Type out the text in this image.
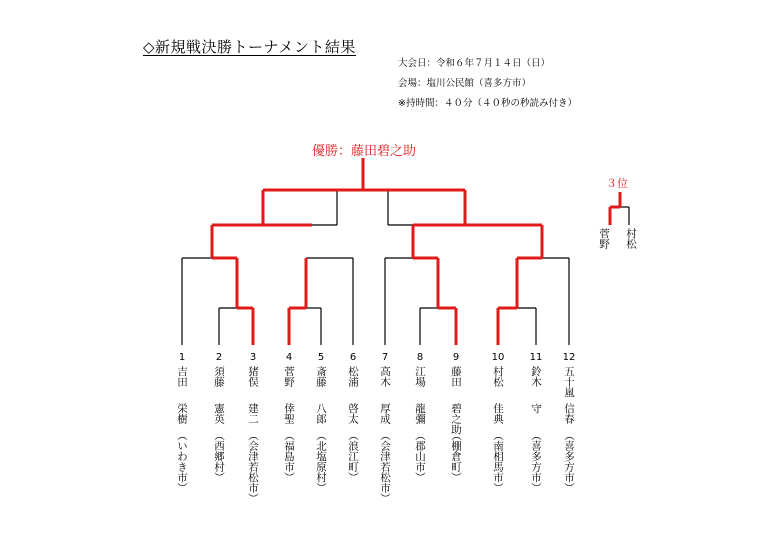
◇新規戦決勝トーナメント結果
大会日：令和６年７月１４日（日）
会場：塩川公民館（喜多方市）
※持時間：４０分（４０秒の秒読み付き）
優勝：藤田碧之助
３位
菅野 村松
1
吉田
栄樹
（いわき市）
2
須藤
憲英
（西郷村）
3
猪俣
建二
（会津若松市）
4
菅野
倖聖
（福島市）
5
斎藤
八郎
（北塩原村）
6
松浦
啓太
（浪江町）
7
高木
厚成
（会津若松市）
8
江場
龍彌
（郡山市）
9
藤田
碧之助
（棚倉町）
10
村松
佳典
（南相馬市）
11
鈴木
守
（喜多方市）
12
五十嵐
信春
（喜多方市）
